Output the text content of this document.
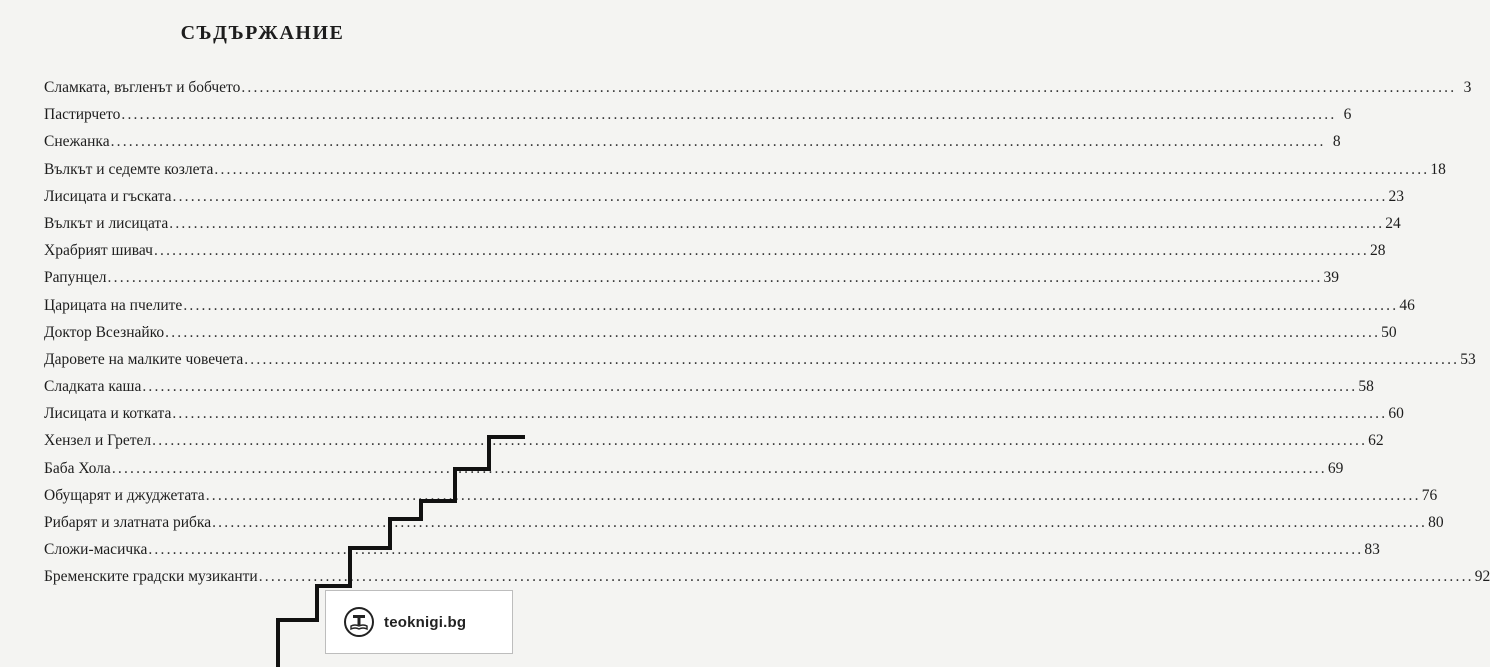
СЪДЪРЖАНИЕ
Сламката, въгленът и бобчето ........................................................................................................................................................................................................ 3
Пастирчето ........................................................................................................................................................................................................ 6
Снежанка ........................................................................................................................................................................................................ 8
Вълкът и седемте козлета ........................................................................................................................................................................................................ 18
Лисицата и гъската ........................................................................................................................................................................................................ 23
Вълкът и лисицата ........................................................................................................................................................................................................ 24
Храбрият шивач ........................................................................................................................................................................................................ 28
Рапунцел ........................................................................................................................................................................................................ 39
Царицата на пчелите ........................................................................................................................................................................................................ 46
Доктор Всезнайко ........................................................................................................................................................................................................ 50
Даровете на малките човечета ........................................................................................................................................................................................................ 53
Сладката каша ........................................................................................................................................................................................................ 58
Лисицата и котката ........................................................................................................................................................................................................ 60
Хензел и Гретел ........................................................................................................................................................................................................ 62
Баба Хола ........................................................................................................................................................................................................ 69
Обущарят и джуджетата ........................................................................................................................................................................................................ 76
Рибарят и златната рибка ........................................................................................................................................................................................................ 80
Сложи-масичка ........................................................................................................................................................................................................ 83
Бременските градски музиканти ........................................................................................................................................................................................................ 92
teoknigi.bg
